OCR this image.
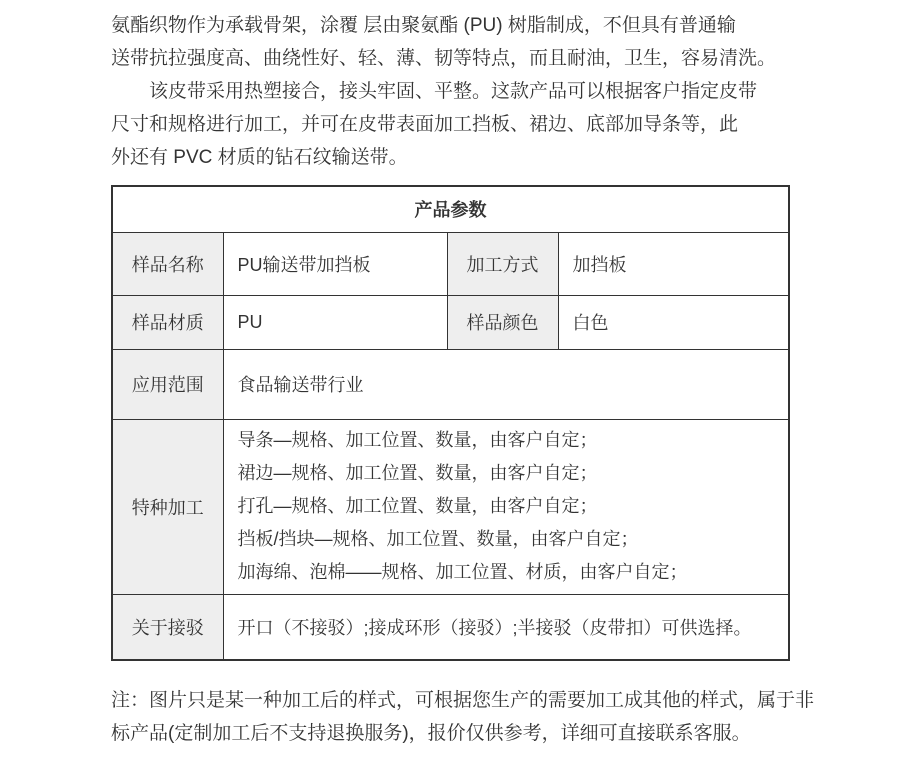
氨酯织物作为承载骨架，涂覆 层由聚氨酯 (PU) 树脂制成，不但具有普通输
送带抗拉强度高、曲绕性好、轻、薄、韧等特点，而且耐油，卫生，容易清洗。
该皮带采用热塑接合，接头牢固、平整。这款产品可以根据客户指定皮带
尺寸和规格进行加工，并可在皮带表面加工挡板、裙边、底部加导条等，此
外还有 PVC 材质的钻石纹输送带。
产品参数			
样品名称	PU输送带加挡板	加工方式	加挡板
样品材质	PU	样品颜色	白色
应用范围	食品输送带行业		
特种加工	导条—规格、加工位置、数量，由客户自定；
裙边—规格、加工位置、数量，由客户自定；
打孔—规格、加工位置、数量，由客户自定；
挡板/挡块—规格、加工位置、数量，由客户自定；
加海绵、泡棉——规格、加工位置、材质，由客户自定；		

关于接驳	开口（不接驳）;接成环形（接驳）;半接驳（皮带扣）可供选择。		
注：图片只是某一种加工后的样式，可根据您生产的需要加工成其他的样式，属于非
标产品(定制加工后不支持退换服务)，报价仅供参考，详细可直接联系客服。
